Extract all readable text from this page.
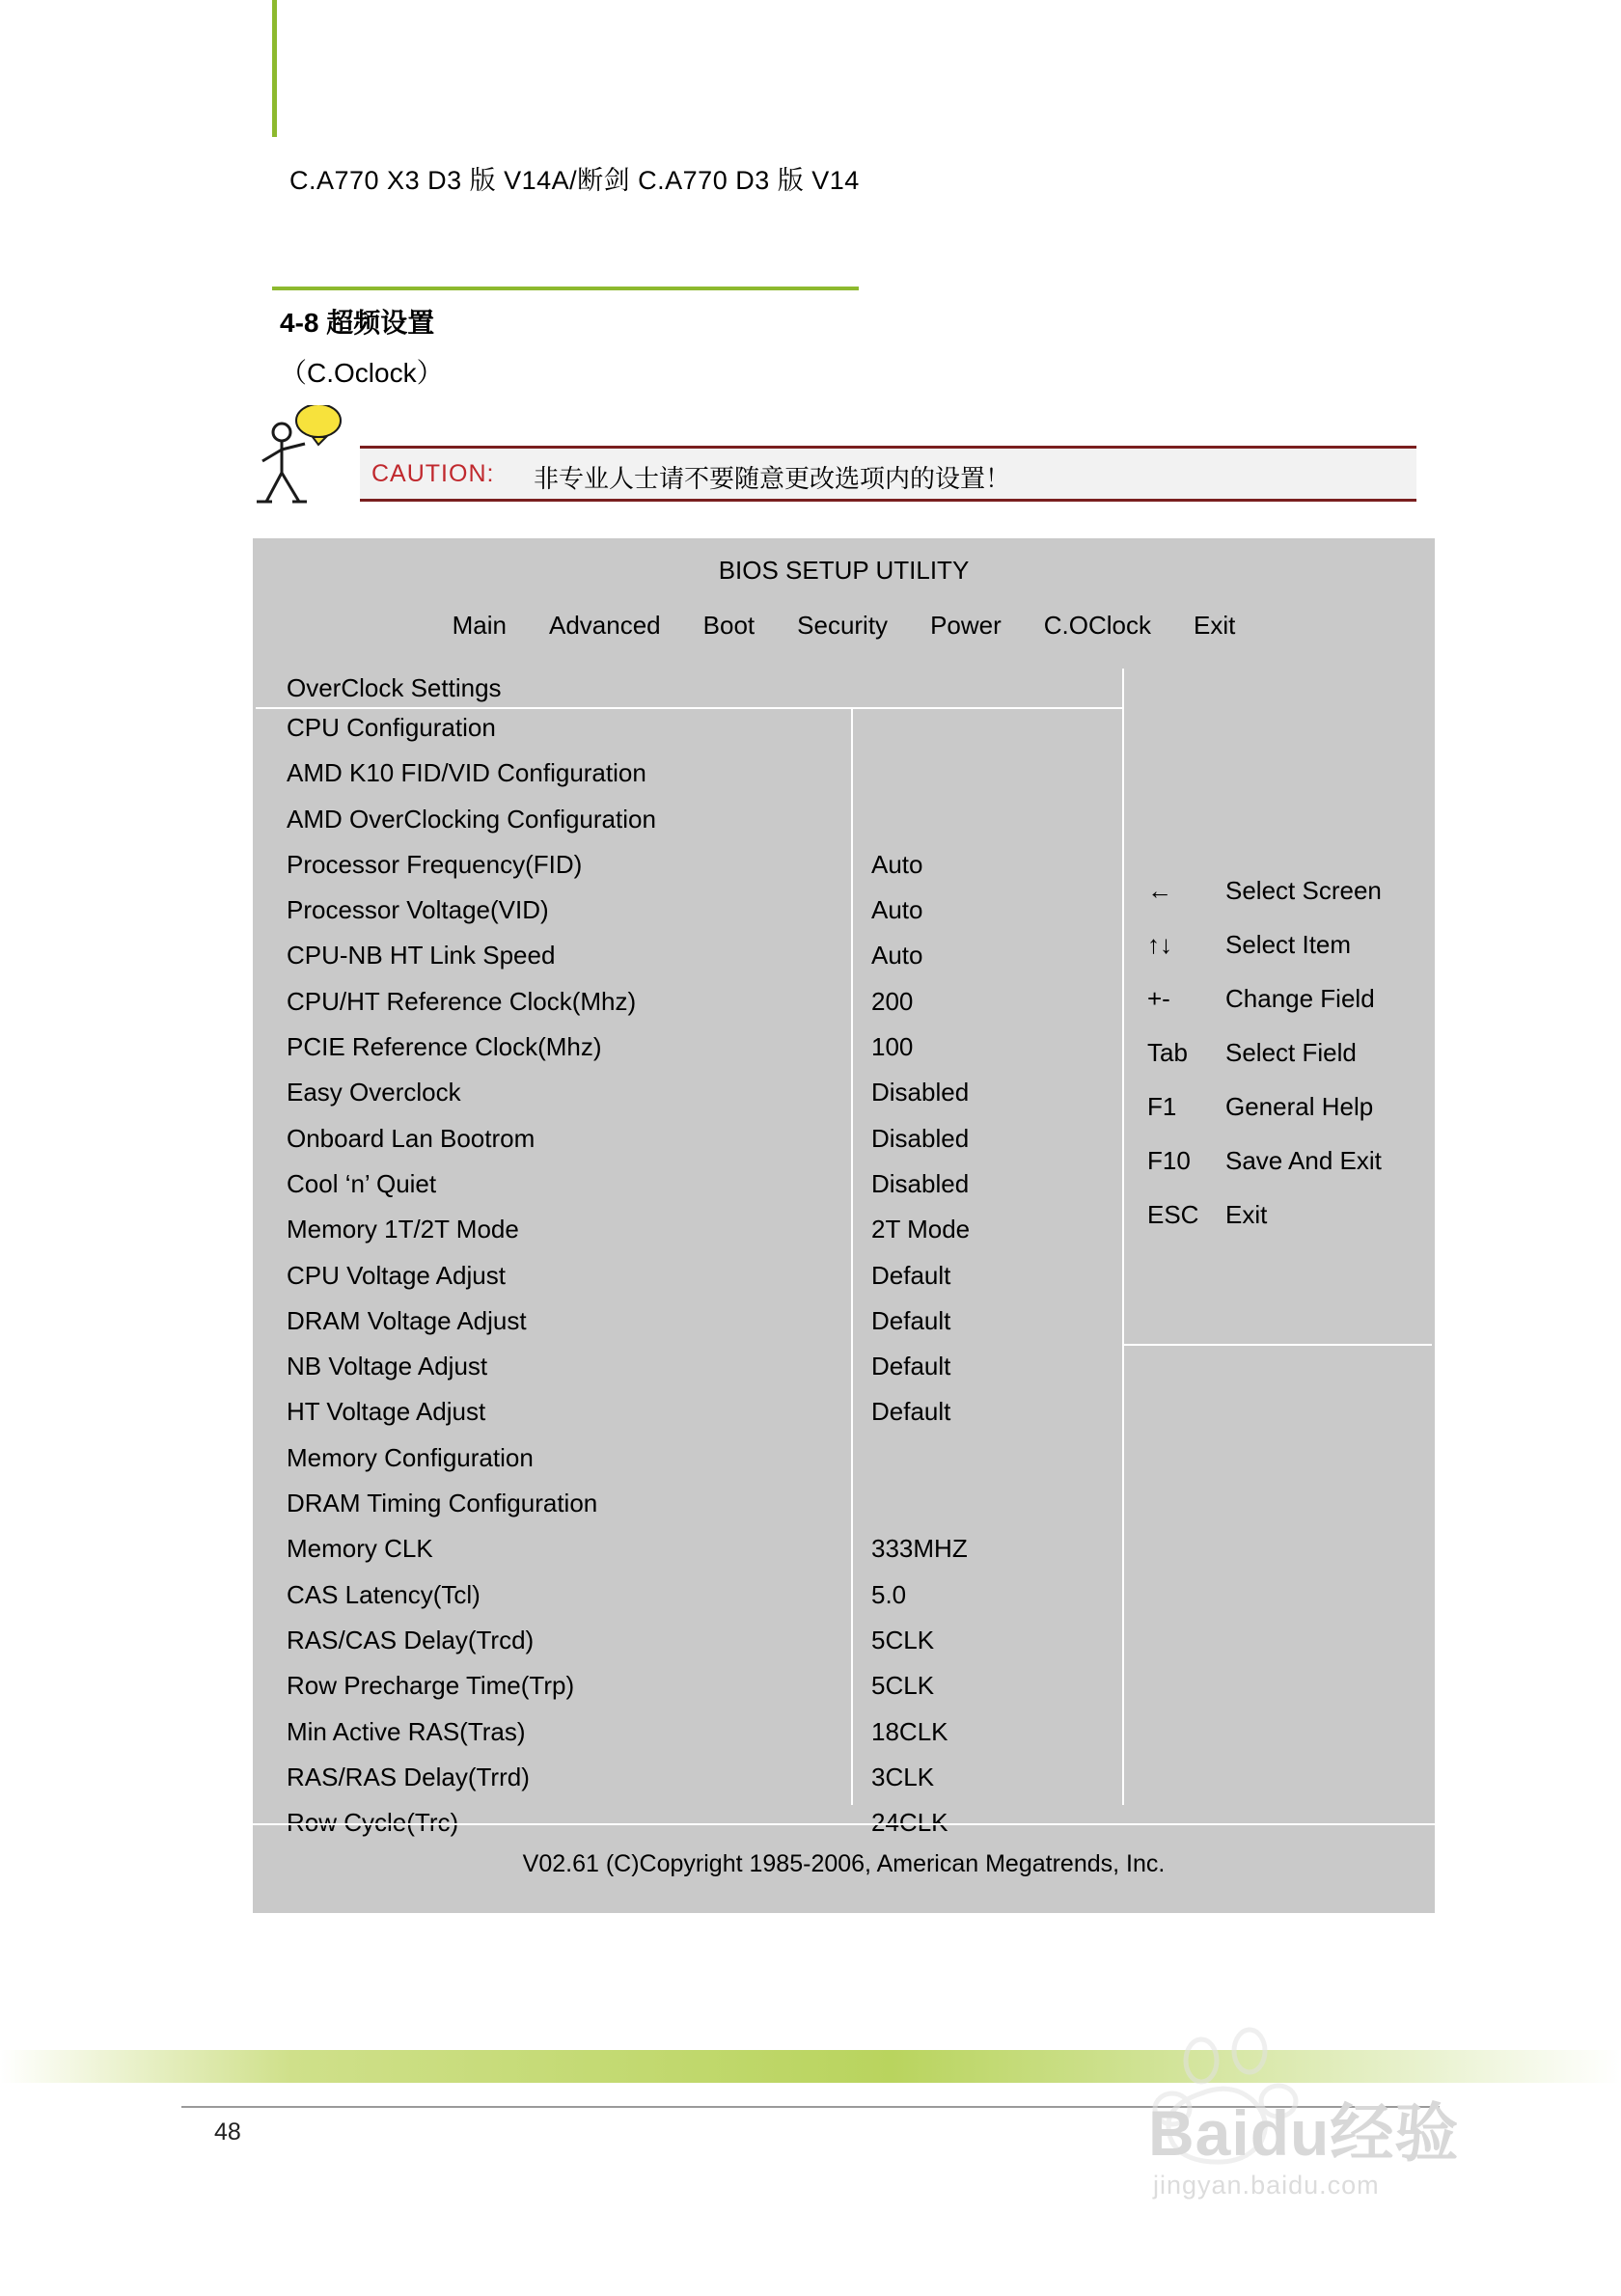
C.A770 X3 D3 版 V14A/断剑 C.A770 D3 版 V14
4-8 超频设置
（C.Oclock）
CAUTION: 非专业人士请不要随意更改选项内的设置！
BIOS SETUP UTILITY
Main Advanced Boot Security Power C.OClock Exit
OverClock Settings
CPU Configuration
AMD K10 FID/VID Configuration
AMD OverClocking Configuration
Processor Frequency(FID)	Auto
Processor Voltage(VID)	Auto
CPU-NB HT Link Speed	Auto
CPU/HT Reference Clock(Mhz)	200
PCIE Reference Clock(Mhz)	100
Easy Overclock	Disabled
Onboard Lan Bootrom	Disabled
Cool ‘n’ Quiet	Disabled
Memory 1T/2T Mode	2T Mode
CPU Voltage Adjust	Default
DRAM Voltage Adjust	Default
NB Voltage Adjust	Default
HT Voltage Adjust	Default
Memory Configuration
DRAM Timing Configuration
Memory CLK	333MHZ
CAS Latency(Tcl)	5.0
RAS/CAS Delay(Trcd)	5CLK
Row Precharge Time(Trp)	5CLK
Min Active RAS(Tras)	18CLK
RAS/RAS Delay(Trrd)	3CLK
Row Cycle(Trc)	24CLK
← Select Screen
↑↓ Select Item
+- Change Field
Tab Select Field
F1 General Help
F10 Save And Exit
ESC Exit
V02.61 (C)Copyright 1985-2006, American Megatrends, Inc.
48	Baidu经验
jingyan.baidu.com
